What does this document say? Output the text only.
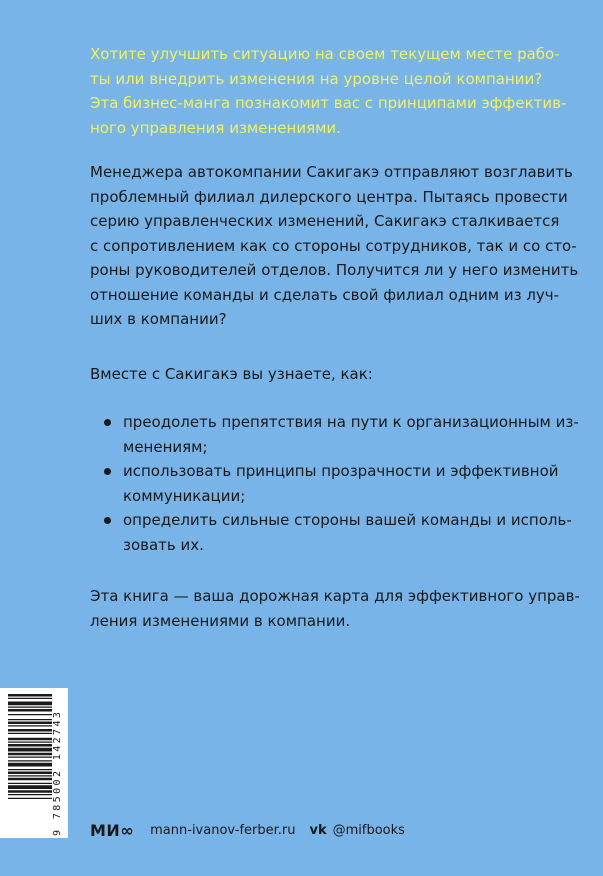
Хотите улучшить ситуацию на своем текущем месте рабо-
ты или внедрить изменения на уровне целой компании?
Эта бизнес-манга познакомит вас с принципами эффектив-
ного управления изменениями.
Менеджера автокомпании Сакигакэ отправляют возглавить
проблемный филиал дилерского центра. Пытаясь провести
серию управленческих изменений, Сакигакэ сталкивается
с сопротивлением как со стороны сотрудников, так и со сто-
роны руководителей отделов. Получится ли у него изменить
отношение команды и сделать свой филиал одним из луч-
ших в компании?
Вместе с Сакигакэ вы узнаете, как:
преодолеть препятствия на пути к организационным из-
менениям;
использовать принципы прозрачности и эффективной
коммуникации;
определить сильные стороны вашей команды и исполь-
зовать их.
Эта книга — ваша дорожная карта для эффективного управ-
ления изменениями в компании.
9 785002 142743 МИ∞ mann-ivanov-ferber.ru vk @mifbooks
